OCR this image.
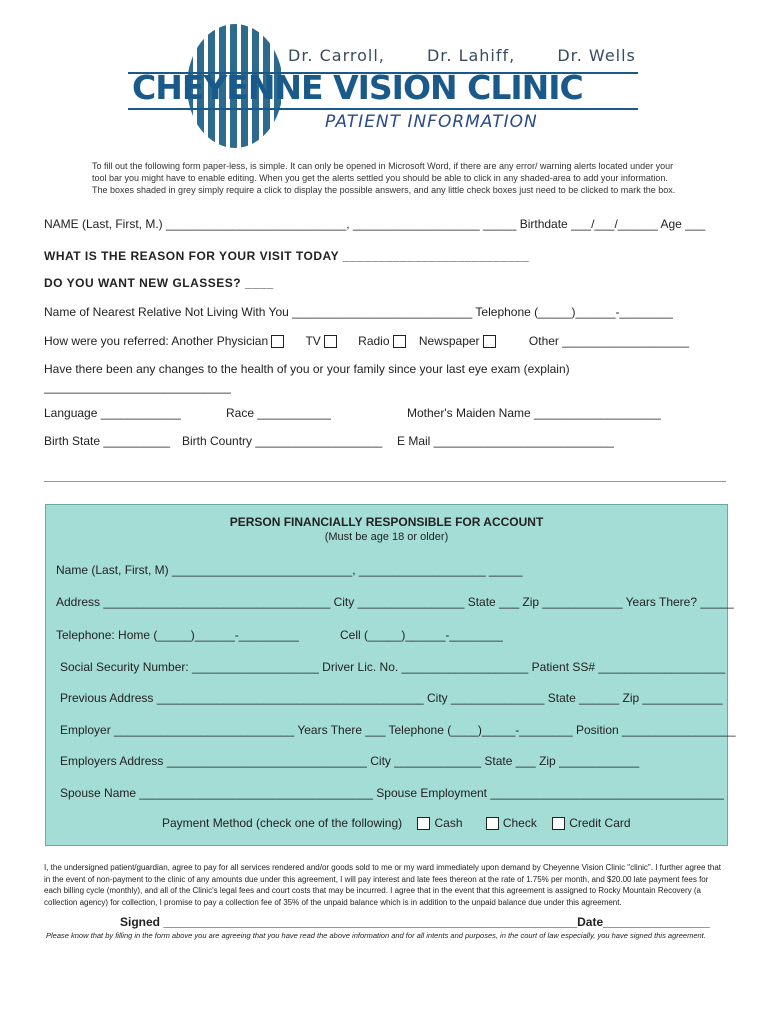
Dr. Carroll,	Dr. Lahiff,	Dr. Wells
CHEYENNE VISION CLINIC
PATIENT INFORMATION
To fill out the following form paper-less, is simple. It can only be opened in Microsoft Word, if there are any error/ warning alerts located under your
tool bar you might have to enable editing. When you get the alerts settled you should be able to click in any shaded-area to add your information.
The boxes shaded in grey simply require a click to display the possible answers, and any little check boxes just need to be clicked to mark the box.
NAME (Last, First, M.) ___________________________, ___________________ _____ Birthdate ___/___/______ Age ___
WHAT IS THE REASON FOR YOUR VISIT TODAY __________________________
DO YOU WANT NEW GLASSES? ____
Name of Nearest Relative Not Living With You ___________________________ Telephone (_____)______-________
How were you referred: Another Physician	TV	Radio Newspaper	Other ___________________
Have there been any changes to the health of you or your family since your last eye exam (explain)
____________________________
Language ____________	Race ___________	Mother's Maiden Name ___________________
Birth State __________ Birth Country ___________________ E Mail ___________________________
PERSON FINANCIALLY RESPONSIBLE FOR ACCOUNT
(Must be age 18 or older)
Name (Last, First, M) ___________________________, ___________________ _____
Address __________________________________ City ________________ State ___ Zip ____________ Years There? _____
Telephone: Home (_____)______-_________	Cell (_____)______-________
Social Security Number: ___________________ Driver Lic. No. ___________________ Patient SS# ___________________
Previous Address ________________________________________ City ______________ State ______ Zip ____________
Employer ___________________________ Years There ___ Telephone (____)_____-________ Position _________________
Employers Address ______________________________ City _____________ State ___ Zip ____________
Spouse Name ___________________________________ Spouse Employment ___________________________________
Payment Method (check one of the following)	Cash	Check	Credit Card
I, the undersigned patient/guardian, agree to pay for all services rendered and/or goods sold to me or my ward immediately upon demand by Cheyenne Vision Clinic "clinic". I further agree that in the event of non-payment to the clinic of any amounts due under this agreement, I will pay interest and late fees thereon at the rate of 1.75% per month, and $20.00 late payment fees for each billing cycle (monthly), and all of the Clinic's legal fees and court costs that may be incurred. I agree that in the event that this agreement is assigned to Rocky Mountain Recovery (a collection agency) for collection, I promise to pay a collection fee of 35% of the unpaid balance which is in addition to the unpaid balance due under this agreement.
Signed ______________________________________________________________Date________________
Please know that by filling in the form above you are agreeing that you have read the above information and for all intents and purposes, in the court of law especially, you have signed this agreement.
